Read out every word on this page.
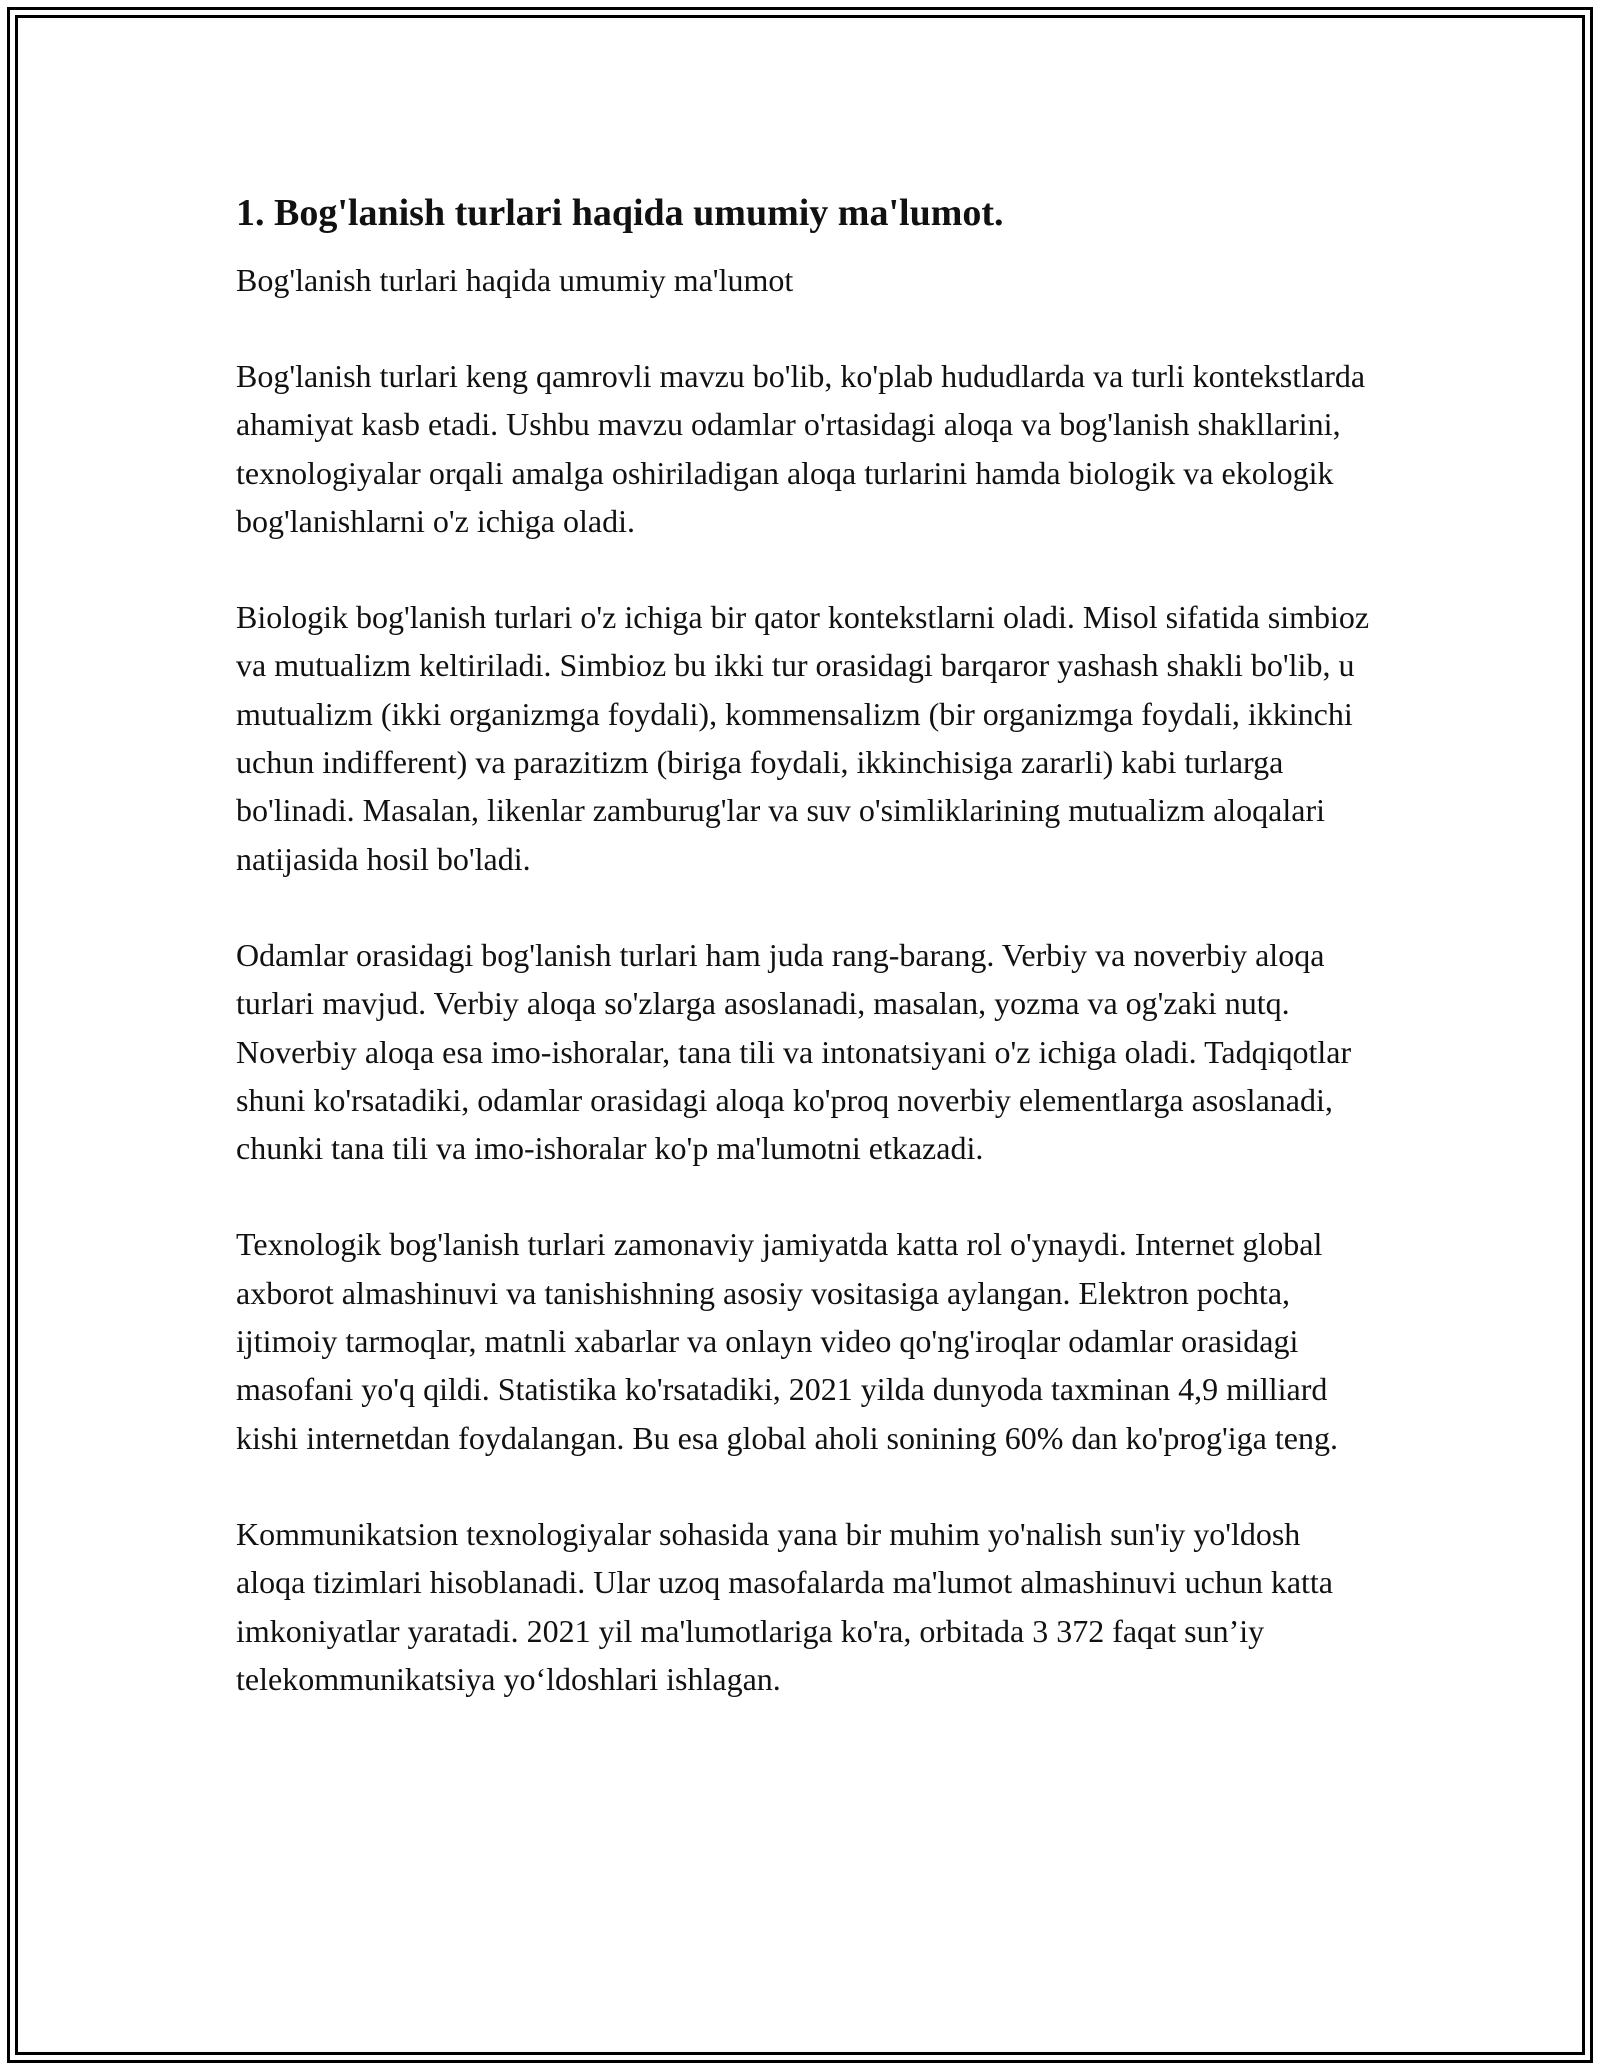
1. Bog'lanish turlari haqida umumiy ma'lumot.

Bog'lanish turlari haqida umumiy ma'lumot

Bog'lanish turlari keng qamrovli mavzu bo'lib, ko'plab hududlarda va turli kontekstlarda ahamiyat kasb etadi. Ushbu mavzu odamlar o'rtasidagi aloqa va bog'lanish shakllarini, texnologiyalar orqali amalga oshiriladigan aloqa turlarini hamda biologik va ekologik bog'lanishlarni o'z ichiga oladi.

Biologik bog'lanish turlari o'z ichiga bir qator kontekstlarni oladi. Misol sifatida simbioz va mutualizm keltiriladi. Simbioz bu ikki tur orasidagi barqaror yashash shakli bo'lib, u mutualizm (ikki organizmga foydali), kommensalizm (bir organizmga foydali, ikkinchi uchun indifferent) va parazitizm (biriga foydali, ikkinchisiga zararli) kabi turlarga bo'linadi. Masalan, likenlar zamburug'lar va suv o'simliklarining mutualizm aloqalari natijasida hosil bo'ladi.

Odamlar orasidagi bog'lanish turlari ham juda rang-barang. Verbiy va noverbiy aloqa turlari mavjud. Verbiy aloqa so'zlarga asoslanadi, masalan, yozma va og'zaki nutq. Noverbiy aloqa esa imo-ishoralar, tana tili va intonatsiyani o'z ichiga oladi. Tadqiqotlar shuni ko'rsatadiki, odamlar orasidagi aloqa ko'proq noverbiy elementlarga asoslanadi, chunki tana tili va imo-ishoralar ko'p ma'lumotni etkazadi.

Texnologik bog'lanish turlari zamonaviy jamiyatda katta rol o'ynaydi. Internet global axborot almashinuvi va tanishishning asosiy vositasiga aylangan. Elektron pochta, ijtimoiy tarmoqlar, matnli xabarlar va onlayn video qo'ng'iroqlar odamlar orasidagi masofani yo'q qildi. Statistika ko'rsatadiki, 2021 yilda dunyoda taxminan 4,9 milliard kishi internetdan foydalangan. Bu esa global aholi sonining 60% dan ko'prog'iga teng.

Kommunikatsion texnologiyalar sohasida yana bir muhim yo'nalish sun'iy yo'ldosh aloqa tizimlari hisoblanadi. Ular uzoq masofalarda ma'lumot almashinuvi uchun katta imkoniyatlar yaratadi. 2021 yil ma'lumotlariga ko'ra, orbitada 3 372 faqat sun’iy telekommunikatsiya yo‘ldoshlari ishlagan.
